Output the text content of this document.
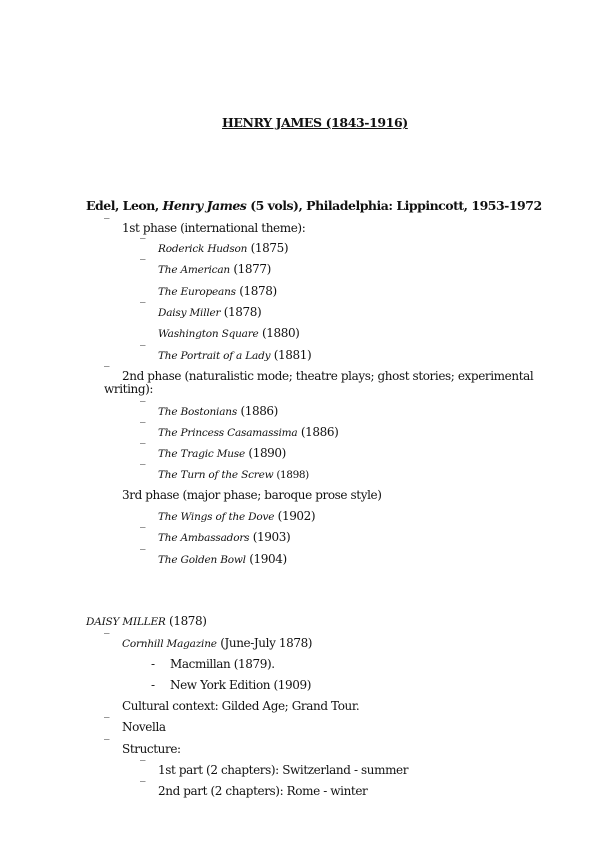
HENRY JAMES (1843-1916)
Edel, Leon, Henry James (5 vols), Philadelphia: Lippincott, 1953-1972
‾ 1st phase (international theme):
‾ Roderick Hudson (1875)
‾ The American (1877)
The Europeans (1878)
‾ Daisy Miller (1878)
Washington Square (1880)
‾ The Portrait of a Lady (1881)
‾ 2nd phase (naturalistic mode; theatre plays; ghost stories; experimental
writing):
‾ The Bostonians (1886)
‾ The Princess Casamassima (1886)
‾ The Tragic Muse (1890)
‾ The Turn of the Screw (1898)
3rd phase (major phase; baroque prose style)
The Wings of the Dove (1902)
‾ The Ambassadors (1903)
‾ The Golden Bowl (1904)
DAISY MILLER (1878)
‾ Cornhill Magazine (June-July 1878)
- Macmillan (1879).
- New York Edition (1909)
Cultural context: Gilded Age; Grand Tour.
‾ Novella
‾ Structure:
‾ 1st part (2 chapters): Switzerland - summer
‾ 2nd part (2 chapters): Rome - winter
